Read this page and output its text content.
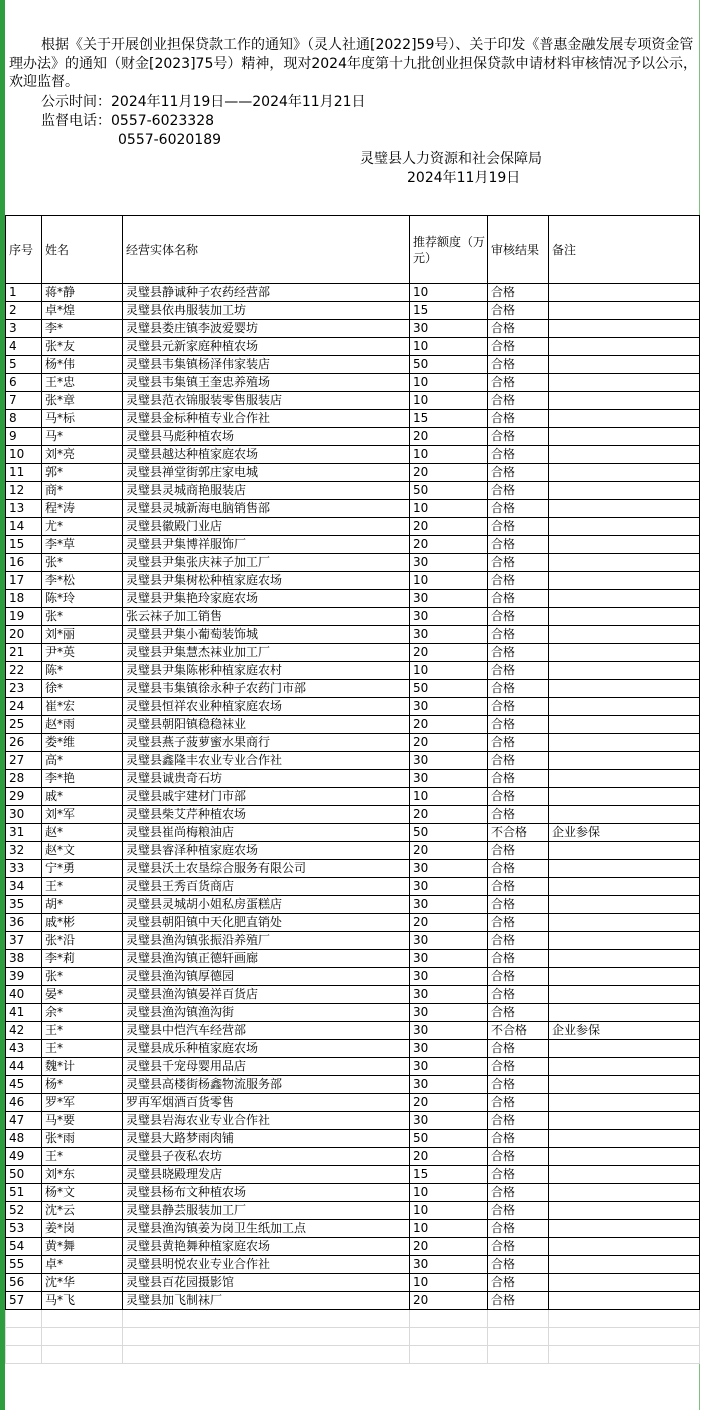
根据《关于开展创业担保贷款工作的通知》（灵人社通[2022]59号）、关于印发《普惠金融发展专项资金管理办法》的通知（财金[2023]75号）精神，现对2024年度第十九批创业担保贷款申请材料审核情况予以公示，欢迎监督。
公示时间：2024年11月19日——2024年11月21日
监督电话：0557-6023328
0557-6020189
灵璧县人力资源和社会保障局
2024年11月19日
序号	姓名	经营实体名称	推荐额度（万元）	审核结果	备注
1	蒋*静	灵璧县静诚种子农药经营部	10	合格	
2	卓*煌	灵璧县依冉服装加工坊	15	合格	
3	李*	灵璧县娄庄镇李波爱婴坊	30	合格	
4	张*友	灵璧县元新家庭种植农场	10	合格	
5	杨*伟	灵璧县韦集镇杨泽伟家装店	50	合格	
6	王*忠	灵璧县韦集镇王奎忠养殖场	10	合格	
7	张*章	灵璧县范衣锦服装零售服装店	10	合格	
8	马*标	灵璧县金标种植专业合作社	15	合格	
9	马*	灵璧县马彪种植农场	20	合格	
10	刘*亮	灵璧县越达种植家庭农场	10	合格	
11	郭*	灵璧县禅堂街郭庄家电城	20	合格	
12	商*	灵璧县灵城商艳服装店	50	合格	
13	程*涛	灵璧县灵城新海电脑销售部	10	合格	
14	尤*	灵璧县徽殿门业店	20	合格	
15	李*草	灵璧县尹集博祥服饰厂	20	合格	
16	张*	灵璧县尹集张庆袜子加工厂	30	合格	
17	李*松	灵璧县尹集树松种植家庭农场	10	合格	
18	陈*玲	灵璧县尹集艳玲家庭农场	30	合格	
19	张*	张云袜子加工销售	30	合格	
20	刘*丽	灵璧县尹集小葡萄装饰城	30	合格	
21	尹*英	灵璧县尹集慧杰袜业加工厂	20	合格	
22	陈*	灵璧县尹集陈彬种植家庭农村	10	合格	
23	徐*	灵璧县韦集镇徐永种子农药门市部	50	合格	
24	崔*宏	灵璧县恒祥农业种植家庭农场	30	合格	
25	赵*雨	灵璧县朝阳镇稳稳袜业	20	合格	
26	娄*维	灵璧县燕子菠萝蜜水果商行	20	合格	
27	高*	灵璧县鑫隆丰农业专业合作社	30	合格	
28	李*艳	灵璧县诚贵奇石坊	30	合格	
29	戚*	灵璧县戚宇建材门市部	10	合格	
30	刘*军	灵璧县柴艾芹种植农场	20	合格	
31	赵*	灵璧县崔尚梅粮油店	50	不合格	企业参保
32	赵*文	灵璧县睿泽种植家庭农场	20	合格	
33	宁*勇	灵璧县沃土农垦综合服务有限公司	30	合格	
34	王*	灵璧县王秀百货商店	30	合格	
35	胡*	灵璧县灵城胡小姐私房蛋糕店	30	合格	
36	戚*彬	灵璧县朝阳镇中天化肥直销处	20	合格	
37	张*沿	灵璧县渔沟镇张振沿养殖厂	30	合格	
38	李*莉	灵璧县渔沟镇正德轩画廊	30	合格	
39	张*	灵璧县渔沟镇厚德园	30	合格	
40	晏*	灵璧县渔沟镇晏祥百货店	30	合格	
41	余*	灵璧县渔沟镇渔沟街	30	合格	
42	王*	灵璧县中恺汽车经营部	30	不合格	企业参保
43	王*	灵璧县成乐种植家庭农场	30	合格	
44	魏*计	灵璧县千宠母婴用品店	30	合格	
45	杨*	灵璧县高楼街杨鑫物流服务部	30	合格	
46	罗*军	罗再军烟酒百货零售	20	合格	
47	马*要	灵璧县岩海农业专业合作社	30	合格	
48	张*雨	灵璧县大路梦雨肉铺	50	合格	
49	王*	灵璧县子夜私农坊	20	合格	
50	刘*东	灵璧县晓殿理发店	15	合格	
51	杨*文	灵璧县杨布文种植农场	10	合格	
52	沈*云	灵璧县静芸服装加工厂	10	合格	
53	姜*岗	灵璧县渔沟镇姜为岗卫生纸加工点	10	合格	
54	黄*舞	灵璧县黄艳舞种植家庭农场	20	合格	
55	卓*	灵璧县明悦农业专业合作社	30	合格	
56	沈*华	灵璧县百花园摄影馆	10	合格	
57	马*飞	灵璧县加飞制袜厂	20	合格	
